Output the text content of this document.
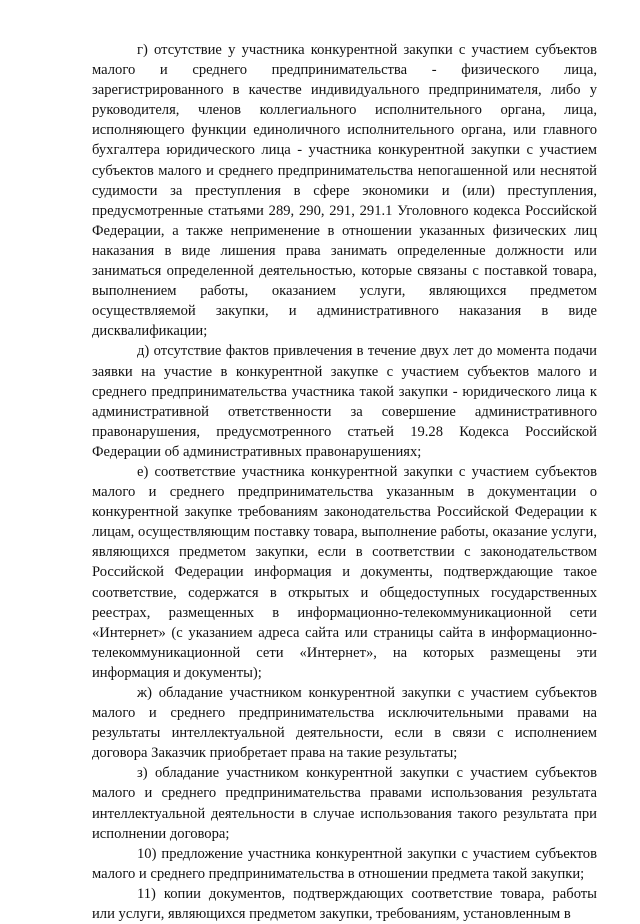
г) отсутствие у участника конкурентной закупки с участием субъектов малого и среднего предпринимательства - физического лица, зарегистрированного в качестве индивидуального предпринимателя, либо у руководителя, членов коллегиального исполнительного органа, лица, исполняющего функции единоличного исполнительного органа, или главного бухгалтера юридического лица - участника конкурентной закупки с участием субъектов малого и среднего предпринимательства непогашенной или неснятой судимости за преступления в сфере экономики и (или) преступления, предусмотренные статьями 289, 290, 291, 291.1 Уголовного кодекса Российской Федерации, а также неприменение в отношении указанных физических лиц наказания в виде лишения права занимать определенные должности или заниматься определенной деятельностью, которые связаны с поставкой товара, выполнением работы, оказанием услуги, являющихся предметом осуществляемой закупки, и административного наказания в виде дисквалификации;

д) отсутствие фактов привлечения в течение двух лет до момента подачи заявки на участие в конкурентной закупке с участием субъектов малого и среднего предпринимательства участника такой закупки - юридического лица к административной ответственности за совершение административного правонарушения, предусмотренного статьей 19.28 Кодекса Российской Федерации об административных правонарушениях;

е) соответствие участника конкурентной закупки с участием субъектов малого и среднего предпринимательства указанным в документации о конкурентной закупке требованиям законодательства Российской Федерации к лицам, осуществляющим поставку товара, выполнение работы, оказание услуги, являющихся предметом закупки, если в соответствии с законодательством Российской Федерации информация и документы, подтверждающие такое соответствие, содержатся в открытых и общедоступных государственных реестрах, размещенных в информационно-телекоммуникационной сети «Интернет» (с указанием адреса сайта или страницы сайта в информационно-телекоммуникационной сети «Интернет», на которых размещены эти информация и документы);

ж) обладание участником конкурентной закупки с участием субъектов малого и среднего предпринимательства исключительными правами на результаты интеллектуальной деятельности, если в связи с исполнением договора Заказчик приобретает права на такие результаты;

з) обладание участником конкурентной закупки с участием субъектов малого и среднего предпринимательства правами использования результата интеллектуальной деятельности в случае использования такого результата при исполнении договора;

10) предложение участника конкурентной закупки с участием субъектов малого и среднего предпринимательства в отношении предмета такой закупки;

11) копии документов, подтверждающих соответствие товара, работы или услуги, являющихся предметом закупки, требованиям, установленным в
